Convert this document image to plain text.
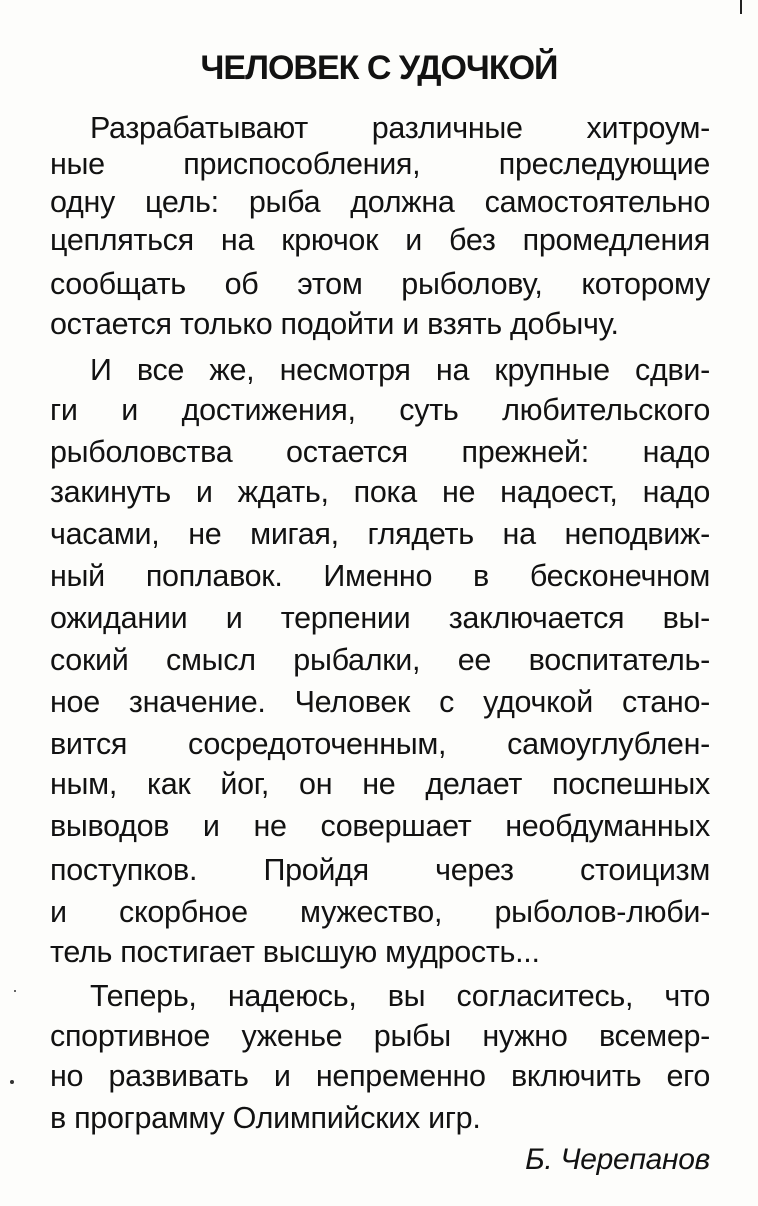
ЧЕЛОВЕК С УДОЧКОЙ
Разрабатывают различные хитроум-
ные приспособления, преследующие
одну цель: рыба должна самостоятельно
цепляться на крючок и без промедления
сообщать об этом рыболову, которому
остается только подойти и взять добычу.
И все же, несмотря на крупные сдви-
ги и достижения, суть любительского
рыболовства остается прежней: надо
закинуть и ждать, пока не надоест, надо
часами, не мигая, глядеть на неподвиж-
ный поплавок. Именно в бесконечном
ожидании и терпении заключается вы-
сокий смысл рыбалки, ее воспитатель-
ное значение. Человек с удочкой стано-
вится сосредоточенным, самоуглублен-
ным, как йог, он не делает поспешных
выводов и не совершает необдуманных
поступков. Пройдя через стоицизм
и скорбное мужество, рыболов-люби-
тель постигает высшую мудрость...
Теперь, надеюсь, вы согласитесь, что
спортивное уженье рыбы нужно всемер-
но развивать и непременно включить его
в программу Олимпийских игр.
Б. Черепанов
